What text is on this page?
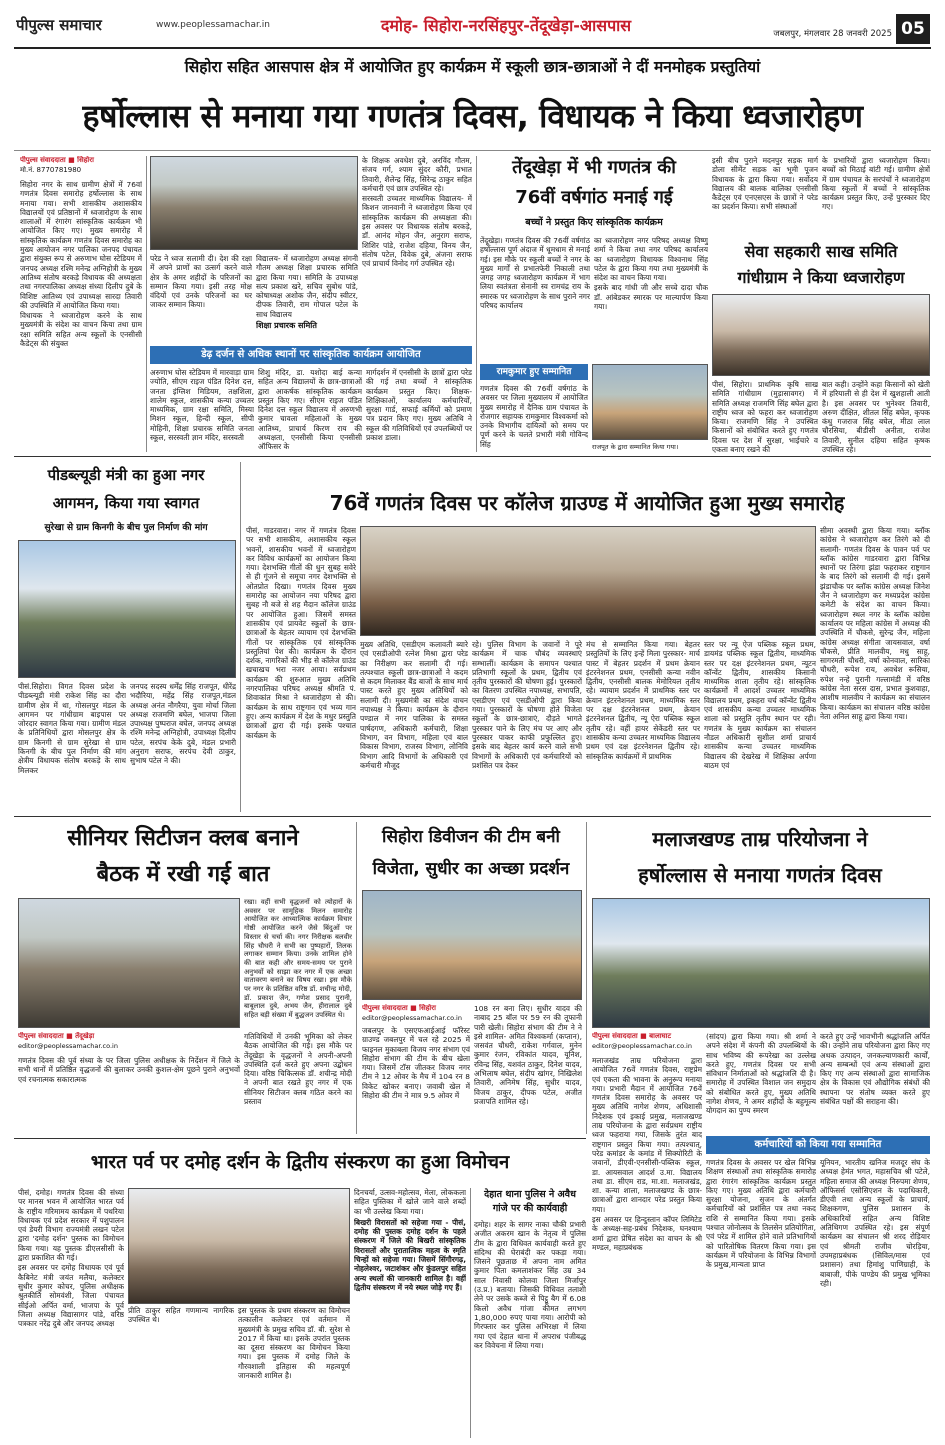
पीपुल्स समाचार	www.peoplessamachar.in	दमोह- सिहोरा-नरसिंहपुर-तेंदूखेड़ा-आसपास	जबलपुर, मंगलवार 28 जनवरी 2025 05
सिहोरा सहित आसपास क्षेत्र में आयोजित हुए कार्यक्रम में स्कूली छात्र-छात्राओं ने दीं मनमोहक प्रस्तुतियां
हर्षोल्लास से मनाया गया गणतंत्र दिवस, विधायक ने किया ध्वजारोहण
पीपुल्स संवाददाता ■ सिहोरा
मो.नं. 8770781980

सिहोरा नगर के साथ ग्रामीण क्षेत्रों में 76वां गणतंत्र दिवस समारोह हर्षोल्लास के साथ मनाया गया। सभी शासकीय अशासकीय विद्यालयों एवं प्रतिष्ठानों में ध्वजारोहण के साथ शालाओं में रंगारंग सांस्कृतिक कार्यक्रम भी आयोजित किए गए। मुख्य समारोह में सांस्कृतिक कार्यक्रम गणतंत्र दिवस समारोह का मुख्य आयोजन नगर पालिका जनपद पंचायत द्वारा संयुक्त रूप से अरुणाभ घोस स्टेडियम में जनपद अध्यक्ष रश्मि मनेन्द्र अग्निहोत्री के मुख्य आतिथ्य संतोष बरकड़े विधायक की अध्यक्षता तथा नगरपालिका अध्यक्ष संध्या दिलीप दुबे के विशिष्ट आतिथ्य एवं उपाध्यक्ष सारदा तिवारी की उपस्थिति में आयोजित किया गया।

विधायक ने ध्वजारोहण करने के साथ मुख्यमंत्री के संदेश का वाचन किया तथा ग्राम रक्षा समिति सहित अन्य स्कूलों के एनसीसी कैडेट्स की संयुक्त

परेड ने ध्वज सलामी दी। देश की रक्षा में अपने प्राणों का उत्सर्ग करने वाले क्षेत्र के अमर शहीदों के परिजनों का सम्मान किया गया। इसी तरह मोक्ष वंदियों एवं उनके परिजनों का घर जाकर सम्मान किया।
विद्यालय- में ध्वजारोहण अध्यक्ष संगनी गौतम अध्यक्ष शिक्षा प्रचारक समिति द्वारा किया गया। समिति के उपाध्यक्ष सत्य प्रकाश खरे, सचिव सुबोध पांडे, कोषाध्यक्ष अशोक जैन, संदीप स्वीटर, दीपक तिवारी, राम गोपाल पटेल के साथ विद्यालय
शिक्षा प्रचारक समिति

के शिक्षक अवधेश दुबे, अरविंद गौतम, संजय गर्ग, श्याम सुंदर कौरी, प्रभात तिवारी, शैलेन्द्र सिंह, सिरेन्द्र ठाकुर सहित कर्मचारी एवं छात्र उपस्थित रहे।

सरस्वती उच्चतर माध्यमिक विद्यालय- में किशन जानवानी ने ध्वजारोहण किया एवं सांस्कृतिक कार्यक्रम की अध्यक्षता की। इस अवसर पर विधायक संतोष बरकड़े, डॉ. आनंद मोहन जैन, अनुराग सराफ, शिशिर पांडे, राजेश दहिया, विनय जैन, संतोष पटेल, विवेक दुबे, अंजना सराफ एवं प्राचार्य विनोद गर्ग उपस्थित रहे।

डेढ़ दर्जन से अधिक स्थानों पर सांस्कृतिक कार्यक्रम आयोजित
अरुणाभ घोस स्टेडियम में मारवाड़ा ग्राम ज्योति, सीएम राइज पंडित दिनेश दत्त, जनता इंग्लिश मिडियम, तक्षशिला, शालेम स्कूल, शासकीय कन्या उच्चतर माध्यमिक, ग्राम रक्षा समिति, मिस्या मिशन स्कूल, हिन्दी स्कूल, सीपी मोहिनी, शिक्षा प्रचारक समिति जनता स्कूल, सरस्वती ज्ञान मंदिर, सरस्वती
शिशु मंदिर, डा. यशोदा बाई कन्या सहित अन्य विद्यालयों के छात्र-छात्राओं द्वारा आकर्षक सांस्कृतिक कार्यक्रम प्रस्तुत किए गए। सीएम राइज पंडित दिनेश दत्त स्कूल विद्यालय में अरुणभी कुमार चावला महिलाओं के मुख्य आतिथ्य, प्राचार्य किरण राय की अध्यक्षता, एनसीसी किया एनसीसी ऑफिसर के
मार्गदर्शन में एनसीसी के छात्रों द्वारा परेड की गई तथा बच्चों ने सांस्कृतिक कार्यक्रम प्रस्तुत किए। शिक्षक-शिक्षिकाओं, कार्यालय कर्मचारियों, सुरक्षा गार्ड, सफाई कर्मियों को प्रमाण पत्र प्रदान किए गए। मुख्य अतिथि ने स्कूल की गतिविधियों एवं उपलब्धियों पर प्रकाश डाला।
तेंदूखेड़ा में भी गणतंत्र की
76वीं वर्षगांठ मनाई गई
बच्चों ने प्रस्तुत किए सांस्कृतिक कार्यक्रम
तेंदूखेड़ा। गणतंत्र दिवस की 76वीं वर्षगांठ हर्षोल्लास पूर्ण अंदाज में धूमधाम से मनाई गई। इस मौके पर स्कूली बच्चों ने नगर के मुख्य मार्गों से प्रभातफेरी निकाली तथा जगह जगह ध्वजारोहण कार्यक्रम में भाग लिया स्वतंत्रता सेनानी स्व रामचंद्र राय के स्मारक पर ध्वजारोहण के साथ पुराने नगर परिषद कार्यालय

का ध्वजारोहण नगर परिषद अध्यक्ष विष्णु शर्मा ने किया तथा नगर परिषद कार्यालय का ध्वजारोहण विधायक विश्वनाथ सिंह पटेल के द्वारा किया गया तथा मुख्यमंत्री के संदेश का वाचन किया गया।

इसके बाद गांधी जी और सच्चे दादा चौक डॉ. आंबेडकर स्मारक पर माल्यार्पण किया गया।

इसी बीच पुराने मदनपुर सड़क मार्ग डोला सीमेंट सड़क का भूमी पूजन विधायक के द्वारा किया गया। सर्वोदय विद्यालय की बालक बालिका एनसीसी कैडेट्स एवं एनएसएस के छात्रों ने परेड का प्रदर्शन किया। सभी संस्थाओं
रामकुमार हुए सम्मानित
गणतंत्र दिवस की 76वीं वर्षगांठ के अवसर पर जिला मुख्यालय में आयोजित मुख्य समारोह में दैनिक ग्राम पंचायत के रोजगार सहायक रामकुमार विश्वकर्मा को उनके विभागीय दायित्वों को समय पर पूर्ण करने के चलते प्रभारी मंत्री गोविन्द सिंह	राजपूत के द्वारा सम्मानित किया गया।
के प्रभारियों द्वारा ध्वजारोहण किया। बच्चों को मिठाई बांटी गई। ग्रामीण क्षेत्रों में ग्राम पंचायत के सरपंचों ने ध्वजारोहण किया स्कूलों में बच्चों ने सांस्कृतिक कार्यक्रम प्रस्तुत किए, उन्हें पुरस्कार दिए गए।
सेवा सहकारी साख समिति
गांधीग्राम ने किया ध्वजारोहण
पीसं, सिहोरा। प्राथमिक कृषि साख समिति गांधीग्राम (मुड़ासावगर) में समिति अध्यक्ष राजमणि सिंह बघेल द्वारा राष्ट्रीय ध्वज को फहरा कर ध्वजारोहण किया। राजमणि सिंह ने उपस्थित किसानों को संबोधित करते हुए गणतंत्र दिवस पर देश में सुरक्षा, भाईचारे व एकता बनाए रखने की
बात कही। उन्होंने कहा किसानों को खेती में हरियाली से ही देश में खुशहाली आती है। इस अवसर पर भुनेश्वर तिवारी, अरुण दीक्षित, शीतल सिंह बघेल, कृपक कंधु गजराज सिंह बघेल, मीठा लाल चौरसिया, बीडीसी अनीता, राजेश तिवारी, सुनील दहिया सहित कृषक उपस्थित रहे।
पीडब्ल्यूडी मंत्री का हुआ नगर
आगमन, किया गया स्वागत
सुरेखा से ग्राम किनगी के बीच पुल निर्माण की मांग
पीसं.सिहोरा। विगत दिवस प्रदेश के पीडब्ल्यूडी मंत्री राकेश सिंह का दौरा ग्रामीण क्षेत्र में था, गोसलपुर मंडल के आगमन पर गांधीग्राम बाइपास पर जोरदार स्वागत किया गया। ग्रामीण मंडल के प्रतिनिधियों द्वारा मोसलपुर क्षेत्र के ग्राम किनगी से ग्राम सुरेखा से ग्राम किनगी के बीच पुल निर्माण की मांग क्षेत्रीय विधायक संतोष बरकड़े के साथ मिलकर
जनपद सदस्य धर्मेंद्र सिंह राजपूत, धीरेंद्र भदौरिया, महेंद्र सिंह राजपूत,मंडल अध्यक्ष अनंत नौगरैया, युवा मोर्चा जिला अध्यक्ष राजमणि बघेल, भाजपा जिला उपाध्यक्ष पुष्पराज बघेल, जनपद अध्यक्ष रश्मि मनेन्द्र अग्निहोत्री, उपाध्यक्ष दिलीप पटेल, सरपंच केके दुबे, मंडल प्रभारी अनुराग सराफ, सरपंच देवी ठाकुर, सुभाष पटेल ने की।
76वें गणतंत्र दिवस पर कॉलेज ग्राउण्ड में आयोजित हुआ मुख्य समारोह
पीसं, गाडरवारा। नगर में गणतंत्र दिवस पर सभी शासकीय, अशासकीय स्कूल भवनों, शासकीय भवनों में ध्वजारोहण कर विविध कार्यक्रमों का आयोजन किया गया। देशभक्ति गीतों की धुन सुबह सवेरे से ही गूंजने से समूचा नगर देशभक्ति से ओतप्रोत दिखा। गणतंत्र दिवस मुख्य समारोह का आयोजन नया परिषद द्वारा सुबह नौ बजे से शह मैदान कॉलेज ग्राउंड पर आयोजित हुआ। जिसमें समस्त शासकीय एवं प्रायवेट स्कूलों के छात्र-छात्राओं के बेहतर व्यायाम एवं देशभक्ति गीतों पर सांस्कृतिक एवं सांस्कृतिक प्रस्तुतियां पेश की। कार्यक्रम के दौरान दर्शक, नागरिकों की भीड़ से कॉलेज ग्राउंड खचाखच भरा नजर आया। सर्वप्रथम कार्यक्रम की शुरुआत मुख्य अतिथि नगरपालिका परिषद अध्यक्ष श्रीमति पं. शिवाकांत मिश्रा ने ध्वजारोहण से की। कार्यक्रम के साथ राष्ट्रगान एवं भव्य गान हुए। अन्य कार्यक्रम में देश के मधुर प्रस्तुति छात्राओं द्वारा दी गई। इसके पश्चात कार्यक्रम के
मुख्य अतिथि, एसडीएम कलावती ब्यारे एवं एसडीओपी रत्नेश मिश्रा द्वारा परेड का निरीक्षण कर सलामी दी गई। तत्पश्चात स्कूली छात्र-छात्राओं ने कदम से कदम मिलाकर बैंड बाजों के साथ मार्च पास्ट करते हुए मुख्य अतिथियों को सलामी दी। मुख्यमंत्री का संदेश वाचन नपाध्यक्ष ने किया। कार्यक्रम के दौरान पण्डाल में नगर पालिका के समस्त पार्षदगण, अधिकारी कर्मचारी, शिक्षा विभाग, वन विभाग, महिला एवं बाल विकास विभाग, राजस्व विभाग, लोनिवि विभाग आदि विभागों के अधिकारी एवं कर्मचारी मौजूद
रहे। पुलिस विभाग के जवानों ने पूरे कार्यक्रम में चाक चौबंद व्यवस्थाएं सम्भालीं। कार्यक्रम के समापन पश्चात प्रतिभागी स्कूलों के प्रथम, द्वितीय एवं तृतीय पुरस्कारों की घोषणा हुई। पुरस्कारों का वितरण उपस्थित नपाध्यक्ष, सभापति, एसडीएम एवं एसडीओपी द्वारा किया गया। पुरस्कारों के घोषणा होते विजेता स्कूलों के छात्र-छात्राएं, दौड़ते भागते पुरस्कार पाने के लिए मंच पर आए और पुरस्कार पाकर काफी प्रफुल्लित हुए। इसके बाद बेहतर कार्य करने वाले सभी विभागों के अधिकारी एवं कर्मचारियों को प्रशंसित पत्र देकर
मंच से सम्मानित किया गया। बेहतर प्रस्तुतियों के लिए इन्हें मिला पुरस्कार- मार्च पास्ट में बेहतर प्रदर्शन में प्रथम क्रेयान इंटरनेशनल प्रथम, एनसीसी कन्या नवीन द्वितीय, एनसीसी बालक मेमोरियल तृतीय रहे। व्यायाम प्रदर्शन में प्राथमिक स्तर पर क्रेयान इंटरनेशनल प्रथम, माध्यमिक स्तर पर दक्ष इंटरनेशनल प्रथम, क्रेयान इंटरनेशनल द्वितीय, न्यू ऐरा पब्लिक स्कूल तृतीय रहे। वहीं हायर सेकेंडरी स्तर पर शासकीय कन्या उच्चतर माध्यमिक विद्यालय प्रथम एवं दक्ष इंटरनेशनल द्वितीय रहे। सांस्कृतिक कार्यक्रमों में प्राथमिक
स्तर पर न्यू ऐज पब्लिक स्कूल प्रथम, डायमंड पब्लिक स्कूल द्वितीय, माध्यमिक स्तर पर दक्ष इंटरनेशनल प्रथम, न्यूटन कॉन्वेंट द्वितीय, शासकीय किसानी माध्यमिक शाला तृतीय रहे। सांस्कृतिक कार्यक्रमों में आदर्श उच्चतर माध्यमिक विद्यालय प्रथम, इकहरा चर्च कॉन्वेंट द्वितीय एवं शासकीय कन्या उच्चतर माध्यमिक शाला को प्रस्तुति तृतीय स्थान पर रही। गणतंत्र के मुख्य कार्यक्रम का संचालन नौडल अधिकारी सुशील शर्मा प्राचार्य शासकीय कन्या उच्चतर माध्यमिक विद्यालय की देखरेख में शिक्षिका अर्पणा बाठम एवं
सीमा अवस्थी द्वारा किया गया। ब्लॉक कांग्रेस ने ध्वजारोहण कर तिरंगे को दी सलामी- गणतंत्र दिवस के पावन पर्व पर ब्लॉक कांग्रेस गाडरवारा द्वारा विभिन्न स्थानों पर तिरंगा झंडा फहराकर राष्ट्रगान के बाद तिरंगे को सलामी दी गई। इसमें झंडाचौक पर ब्लॉक कांग्रेस अध्यक्ष जिनेश जैन ने ध्वजारोहण कर मध्यप्रदेश कांग्रेस कमेटी के संदेश का वाचन किया। ध्वजारोहण स्थल नगर के ब्लॉक कांग्रेस कार्यालय पर महिला कांग्रेस में अध्यक्ष की उपस्थिति में चौकसे, सुरेन्द्र जैन, महिला कांग्रेस अध्यक्ष संगीता जायसवाल, वर्षा चौकसे, प्रीति मालवीय, मधु साहू, सागरमती चौधरी, वर्षा कोनवाल, सारिका चौधरी, रूपेश राय, अवधेश रूसिया, रुपेश नन्हे पुरानी गल्लामंडी में वरिष्ठ कांग्रेस नेता सरस दास, प्रभात कुशवाहा, आशीष मालवीय ने कार्यक्रम का संचालन किया। कार्यक्रम का संचालन वरिष्ठ कांग्रेस नेता अनिल साहू द्वारा किया गया।
सीनियर सिटीजन क्लब बनाने
बैठक में रखी गई बात
पीपुल्स संवाददाता ■ तेंदूखेड़ा
editor@peoplessamachar.co.in
गणतंत्र दिवस की पूर्व संध्या के पर जिला पुलिस अधीक्षक के निर्देशन में जिले के सभी थानों में प्रतिष्ठित वृद्धजनों की बुलाकर उनकी कुशल-क्षेम पूछने पुराने अनुभवों एवं रचनात्मक सकारात्मक
गतिविधियों में उनकी भूमिका को लेकर बैठक आयोजित की गई। इस मौके पर तेंदूखेड़ा के वृद्धजनों ने अपनी-अपनी उपस्थिति दर्ज करते हुए अपना उद्बोधन दिया। वरिष्ठ चिकित्सक डॉ. शचीन्द्र मोदी ने अपनी बात रखते हुए नगर में एक सीनियर सिटीजन क्लब गठित करने का प्रस्ताव
रखा। वहीं सभी वृद्धजनों को त्योहारों के अवसर पर सामूहिक मिलन समारोह आयोजित कर आध्यात्मिक कार्यक्रम विचार गोष्ठी आयोजित करने जैसे बिंदुओं पर विस्तार से चर्चा की। नगर निरीक्षक बलवीर सिंह चौधरी ने सभी का पुष्पहारों, तिलक लगाकर सम्मान किया। उनके शामिल होने की बात कही और समय-समय पर पुराने अनुभवों को साझा कर नगर में एक अच्छा वातावरण बनाने का विषय रखा। इस मौके पर नगर के प्रतिष्ठित वरिष्ठ डॉ. शचीन्द्र मोदी, डॉ. प्रकाश जैन, गणेश प्रसाद पुरानी, बाबूलाल दुबे, अभय जैन, हीरालाल दुबे सहित बड़ी संख्या में बुद्धजन उपस्थित थे।
सिहोरा डिवीजन की टीम बनी
विजेता, सुधीर का अच्छा प्रदर्शन
पीपुल्स संवाददाता ■ सिहोरा
editor@peoplessamachar.co.in
जबलपुर के एसएफआईआई फॉरेस्ट ग्राउण्ड जबलपुर में चल रहे 2025 में फाइनल मुकाबला विजय नगर संभाग एवं सिहोरा संभाग की टीम के बीच खेला गया। जिसमें टॉस जीतकर विजय नगर टीम ने 12 ओवर के मैच में 104 रन 8 विकेट खोकर बनाए। जवाबी खेल में सिहोरा की टीम ने मात्र 9.5 ओवर में
108 रन बना लिए। सुधीर यादव की नाबाद 25 बॉल पर 59 रन की तूफानी पारी खेली। सिहोरा संभाग की टीम ने ने इसे शामिल- अमित विश्वकर्मा (कप्तान), जसवंत चौधरी, राकेश गर्गवाल, मुनेन कुमार रंजन, रविकांत यादव, यूनिश, रविन्द्र सिंह, यशवंत ठाकुर, दिनेश यादव, अभिलाष बघेल, संदीप खांगर, निखिलेश तिवारी, अनिमेष सिंह, सुधीर यादव, विजय ठाकुर, दीपक पटेल, अजीत प्रजापति शामिल रहे।
मलाजखण्ड ताम्र परियोजना ने
हर्षोल्लास से मनाया गणतंत्र दिवस
पीपुल्स संवाददाता ■ बालाघाट
editor@peoplessamachar.co.in

मलाजखंड ताम्र परियोजना द्वारा आयोजित 76वें गणतंत्र दिवस, राष्ट्रप्रेम एवं एकता की भावना के अनुरूप मनाया गया। प्रभारी मैदान में आयोजित 76वें गणतंत्र दिवस समारोह के अवसर पर मुख्य अतिथि नागेश शेणय, अधिशासी निदेशक एवं इकाई प्रमुख, मलाजखण्ड ताम्र परियोजना के द्वारा सर्वप्रथम राष्ट्रीय ध्वज फहराया गया, जिसके तुरंत बाद राष्ट्रगान प्रस्तुत किया गया। तत्पश्चात्, परेड कमांडर के कमांड में सिक्योरिटी के जवानों, डीएवी-एनसीसी-पब्लिक स्कूल, डा. आयसवाल आदर्श उ.मा. विद्यालय तथा डा. सीएम राड, मा.शा. मलाजखंड, शा. कन्या शाला, मलाजखण्ड के छात्र-छात्राओं द्वारा शानदार परेड प्रस्तुत किया गया।

इस अवसर पर हिन्दुस्तान कॉपर लिमिटेड के अध्यक्ष-सह-प्रबंध निदेशक, घनश्याम शर्मा द्वारा प्रेषित संदेश का वाचन के श्री मण्डल, महाप्रबंधक

(सांदप) द्वारा किया गया। श्री शर्मा ने अपने संदेश में कंपनी की उपलब्धियों के साथ भविष्य की रूपरेखा का उल्लेख करते हुए, गणतंत्र दिवस पर सभी संविधान निर्माताओं को श्रद्धांजलि दी है। समारोह में उपस्थित विशाल जन समुदाय को संबोधित करते हुए, मुख्य अतिथि नागेश शेणय, ने अमर शहीदों के बहुमूल्य योगदान का पुण्य स्मरण
करते हुए उन्हें भावभीनी श्रद्धांजलि अर्पित की। उन्होंने ताम्र परियोजना द्वारा किए गए अथक उत्पादन, जनकल्याणकारी कार्यों, अन्य सम्बन्धों एवं अन्य संस्थाओं द्वारा किए गए अन्य संस्थाओं द्वारा सामाजिक क्षेत्र के विकास एवं औद्योगिक संबंधों की स्थापना पर संतोष व्यक्त करते हुए संबंधित पक्षों की सराहना की।
कर्मचारियों को किया गया सम्मानित
गणतंत्र दिवस के अवसर पर खेल विभिन्न शिक्षण संस्थाओं तथा सांस्कृतिक समारोह द्वारा रंगारंग सांस्कृतिक कार्यक्रम प्रस्तुत किए गए। मुख्य अतिथि द्वारा कर्मचारी सुरक्षा योजना, सृजन के अंतर्गत कर्मचारियों को प्रशंसित पत्र तथा नकद राशि से सम्मानित किया गया। इसके पश्चात जोनोत्सव के तिलसेन प्रतियोगिता, एवं परेड में शामिल होने वाले प्रतिभागियों को पारितोषिक वितरण किया गया। इस कार्यक्रम में परियोजना के विभिन्न विभागों के प्रमुख,मान्यता प्राप्त
यूनियन, भारतीय खनिज मजदूर संघ के अध्यक्ष हेमंत भगत, महासचिव श्री पटेले, महिला समाज की अध्यक्ष निरुपमा शेणय, ऑफिसर्स एसोसिएशन के पदाधिकारी, डीएवी तथा अन्य स्कूलों के प्राचार्य, शिक्षकगण, पुलिस प्रशासन के अधिकारियों सहित अन्य विशिष्ट अतिथिगण उपस्थित रहे। इस संपूर्ण कार्यक्रम का संचालन श्री शरद रोड़ियार एवं श्रीमती राजीव चोरड़िया, उपमहाप्रबंधक (सिविल/मास एवं प्रशासन) तथा हिमांशु पाणिग्राही, के बाबाजी, पीके पाण्डेय की प्रमुख भूमिका रही।
भारत पर्व पर दमोह दर्शन के द्वितीय संस्करण का हुआ विमोचन

पीसं, दमोह। गणतंत्र दिवस की संध्या पर मानस भवन में आयोजित भारत पर्व के राष्ट्रीय गरिमामय कार्यक्रम में पथरिया विधायक एवं प्रदेश सरकार में पशुपालन एवं डेयरी विभाग राज्यमंत्री लखन पटेल द्वारा 'दमोह दर्शन' पुस्तक का विमोचन किया गया। यह पुस्तक डीएलसीसी के द्वारा प्रकाशित की गई।

इस अवसर पर दमोह विधायक एवं पूर्व कैबिनेट मंत्री जयंत मलैया, कलेक्टर सुधीर कुमार कोचर, पुलिस अधीक्षक श्रुतकीर्ति सोमवंशी, जिला पंचायत सीईओ अर्पित वर्मा, भाजपा के पूर्व जिला अध्यक्ष विद्यासागर पांडे, वरिष्ठ पत्रकार नरेंद्र दुबे और जनपद अध्यक्ष

प्रीति ठाकुर सहित गणमान्य नागरिक उपस्थित थे।
इस पुस्तक के प्रथम संस्करण का विमोचन तत्कालीन कलेक्टर एवं वर्तमान में मुख्यमंत्री के प्रमुख सचिव डॉ. बी. सुरेश से 2017 में किया था। इसके उपरांत पुस्तक का दूसरा संस्करण का विमोचन किया गया। इस पुस्तक में दमोह जिले के गौरवशाली इतिहास की महत्वपूर्ण जानकारी शामिल है।

दिनचर्या, उत्सव-महोत्सव, मेला, लोककला सहित पुस्तिका में खोले जाने वाले शब्दों का भी उल्लेख किया गया।

बिखरी विरासतों को सहेजा गया - पीसं, दमोह की पुस्तक दमोह दर्शन के पहले संस्करण में जिले की बिखरी सांस्कृतिक विरासतों और पुरातात्विक महत्व के स्मृति चिन्हों को सहेजा गया। जिसमें सिंगौरगढ़, नोहलेश्वर, जटाशंकर और कुंडलपुर सहित अन्य स्थलों की जानकारी शामिल है। वहीं द्वितीय संस्करण में नये स्थल जोड़े गए हैं।

देहात थाना पुलिस ने अवैध
गांजे पर की कार्यवाही
दमोह। शहर के सागर नाका चौकी प्रभारी अजीत अकरम खान के नेतृत्व में पुलिस टीम के द्वारा विधिवत कार्यवाही करते हुए संदिग्ध की घेराबंदी कर पकड़ा गया। जिसने पूछताछ में अपना नाम अमित कुमार पिता कमलाशंकर सिंह उम्र 34 साल निवासी कोलवा जिला मिर्जापुर (उ.प्र.) बताया। जिसकी विधिवत तलाशी लेने पर उसके कब्जे से पिट्ठू बैग में 6.08 किलो अवैध गांजा कीमत लगभग 1,80,000 रुपए पाया गया। आरोपी को गिरफ्तार कर पुलिस अभिरक्षा में लिया गया एवं देहात थाना में अपराध पंजीबद्ध कर विवेचना में लिया गया।
